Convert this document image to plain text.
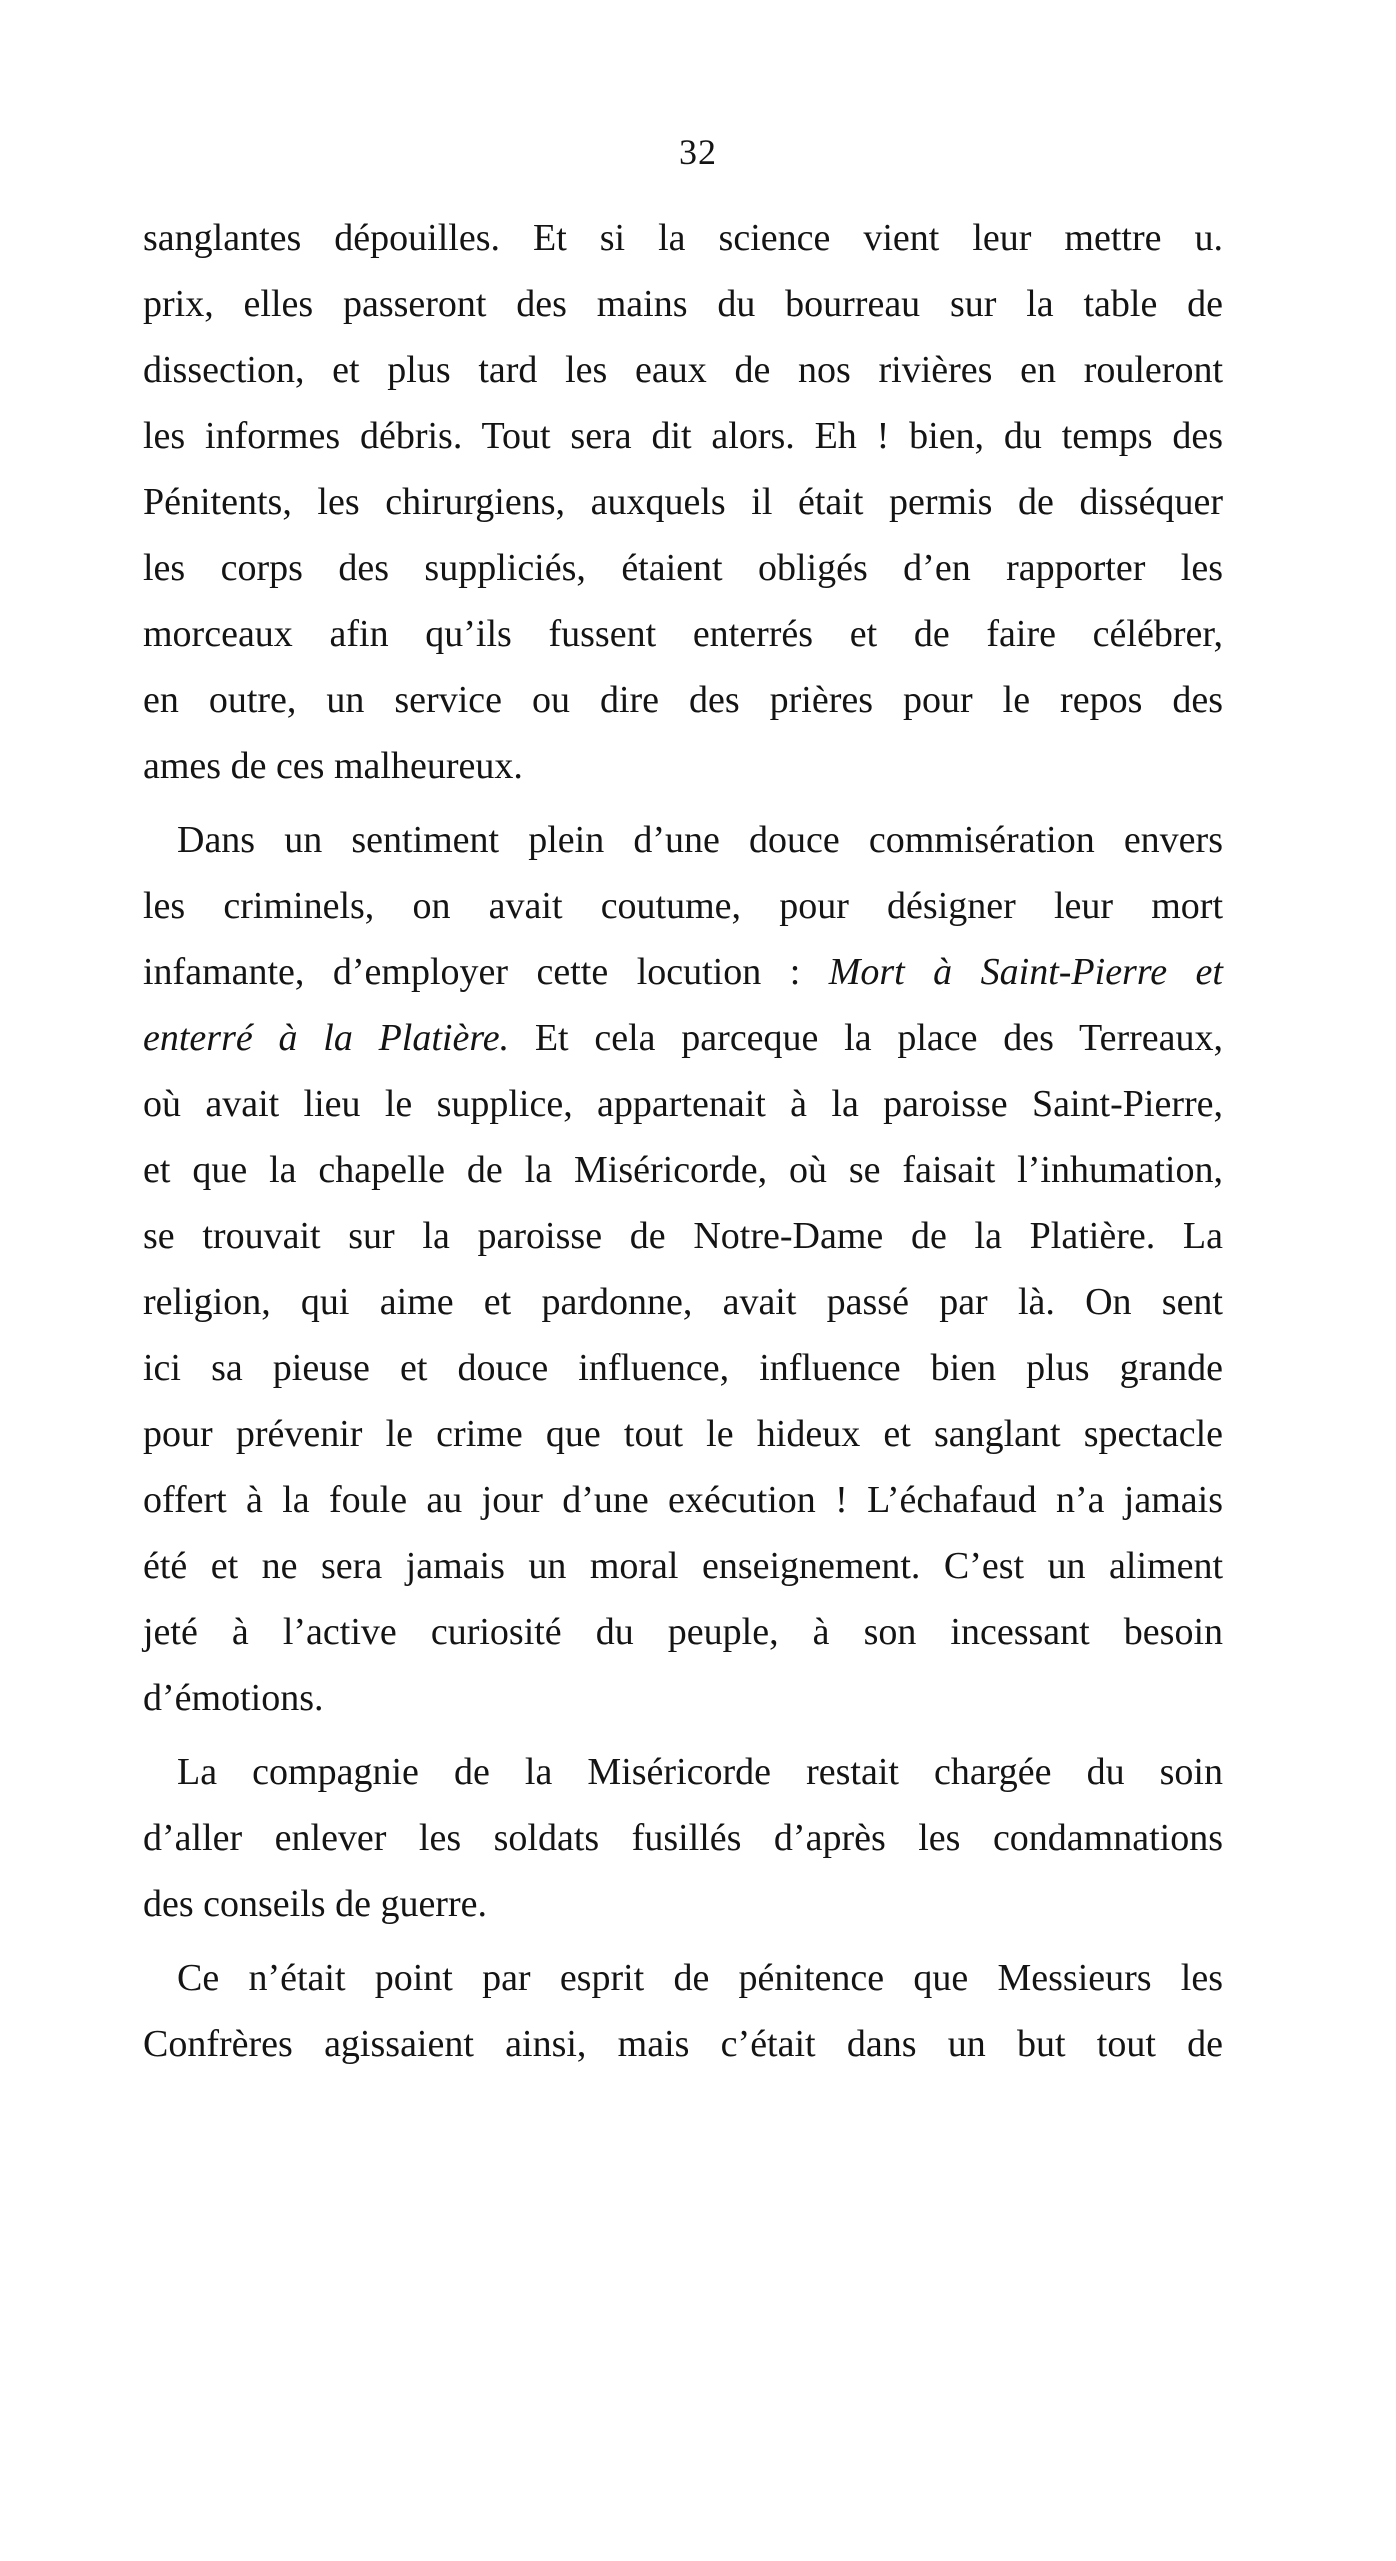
32
sanglantes dépouilles. Et si la science vient leur mettre u.
prix, elles passeront des mains du bourreau sur la table de
dissection, et plus tard les eaux de nos rivières en rouleront
les informes débris. Tout sera dit alors. Eh ! bien, du temps des
Pénitents, les chirurgiens, auxquels il était permis de disséquer
les corps des suppliciés, étaient obligés d’en rapporter les
morceaux afin qu’ils fussent enterrés et de faire célébrer,
en outre, un service ou dire des prières pour le repos des
ames de ces malheureux.
Dans un sentiment plein d’une douce commisération envers
les criminels, on avait coutume, pour désigner leur mort
infamante, d’employer cette locution : Mort à Saint-Pierre et
enterré à la Platière. Et cela parceque la place des Terreaux,
où avait lieu le supplice, appartenait à la paroisse Saint-Pierre,
et que la chapelle de la Miséricorde, où se faisait l’inhumation,
se trouvait sur la paroisse de Notre-Dame de la Platière. La
religion, qui aime et pardonne, avait passé par là. On sent
ici sa pieuse et douce influence, influence bien plus grande
pour prévenir le crime que tout le hideux et sanglant spectacle
offert à la foule au jour d’une exécution ! L’échafaud n’a jamais
été et ne sera jamais un moral enseignement. C’est un aliment
jeté à l’active curiosité du peuple, à son incessant besoin
d’émotions.
La compagnie de la Miséricorde restait chargée du soin
d’aller enlever les soldats fusillés d’après les condamnations
des conseils de guerre.
Ce n’était point par esprit de pénitence que Messieurs les
Confrères agissaient ainsi, mais c’était dans un but tout de
